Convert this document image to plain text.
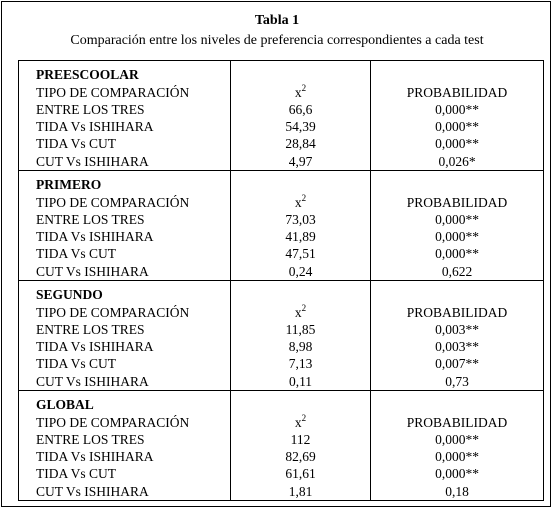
Tabla 1
Comparación entre los niveles de preferencia correspondientes a cada test
PREESCOOLAR		
TIPO DE COMPARACIÓN	$x^2$	PROBABILIDAD
ENTRE LOS TRES	66,6	0,000**
TIDA Vs ISHIHARA	54,39	0,000**
TIDA Vs CUT	28,84	0,000**
CUT Vs ISHIHARA	4,97	0,026*
PRIMERO		
TIPO DE COMPARACIÓN	$x^2$	PROBABILIDAD
ENTRE LOS TRES	73,03	0,000**
TIDA Vs ISHIHARA	41,89	0,000**
TIDA Vs CUT	47,51	0,000**
CUT Vs ISHIHARA	0,24	0,622
SEGUNDO		
TIPO DE COMPARACIÓN	$x^2$	PROBABILIDAD
ENTRE LOS TRES	11,85	0,003**
TIDA Vs ISHIHARA	8,98	0,003**
TIDA Vs CUT	7,13	0,007**
CUT Vs ISHIHARA	0,11	0,73
GLOBAL		
TIPO DE COMPARACIÓN	$x^2$	PROBABILIDAD
ENTRE LOS TRES	112	0,000**
TIDA Vs ISHIHARA	82,69	0,000**
TIDA Vs CUT	61,61	0,000**
CUT Vs ISHIHARA	1,81	0,18
